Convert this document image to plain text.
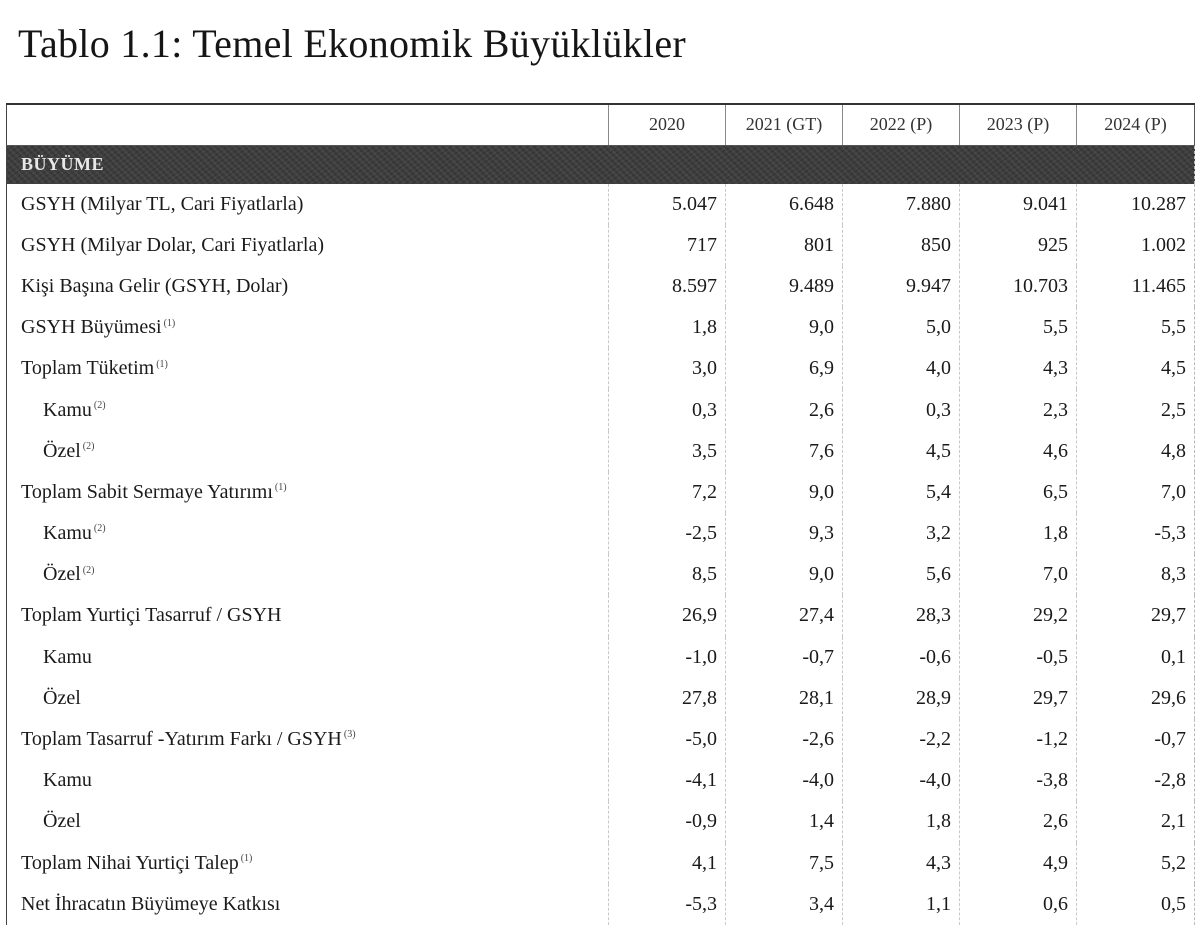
Tablo 1.1: Temel Ekonomik Büyüklükler
	2020	2021 (GT)	2022 (P)	2023 (P)	2024 (P)
BÜYÜME					
GSYH (Milyar TL, Cari Fiyatlarla)	5.047	6.648	7.880	9.041	10.287
GSYH (Milyar Dolar, Cari Fiyatlarla)	717	801	850	925	1.002
Kişi Başına Gelir (GSYH, Dolar)	8.597	9.489	9.947	10.703	11.465
GSYH Büyümesi $^{(1)}$	1,8	9,0	5,0	5,5	5,5
Toplam Tüketim $^{(1)}$	3,0	6,9	4,0	4,3	4,5
Kamu $^{(2)}$	0,3	2,6	0,3	2,3	2,5
Özel $^{(2)}$	3,5	7,6	4,5	4,6	4,8
Toplam Sabit Sermaye Yatırımı $^{(1)}$	7,2	9,0	5,4	6,5	7,0
Kamu $^{(2)}$	-2,5	9,3	3,2	1,8	-5,3
Özel $^{(2)}$	8,5	9,0	5,6	7,0	8,3
Toplam Yurtiçi Tasarruf / GSYH	26,9	27,4	28,3	29,2	29,7
Kamu	-1,0	-0,7	-0,6	-0,5	0,1
Özel	27,8	28,1	28,9	29,7	29,6
Toplam Tasarruf -Yatırım Farkı / GSYH $^{(3)}$	-5,0	-2,6	-2,2	-1,2	-0,7
Kamu	-4,1	-4,0	-4,0	-3,8	-2,8
Özel	-0,9	1,4	1,8	2,6	2,1
Toplam Nihai Yurtiçi Talep $^{(1)}$	4,1	7,5	4,3	4,9	5,2
Net İhracatın Büyümeye Katkısı	-5,3	3,4	1,1	0,6	0,5
